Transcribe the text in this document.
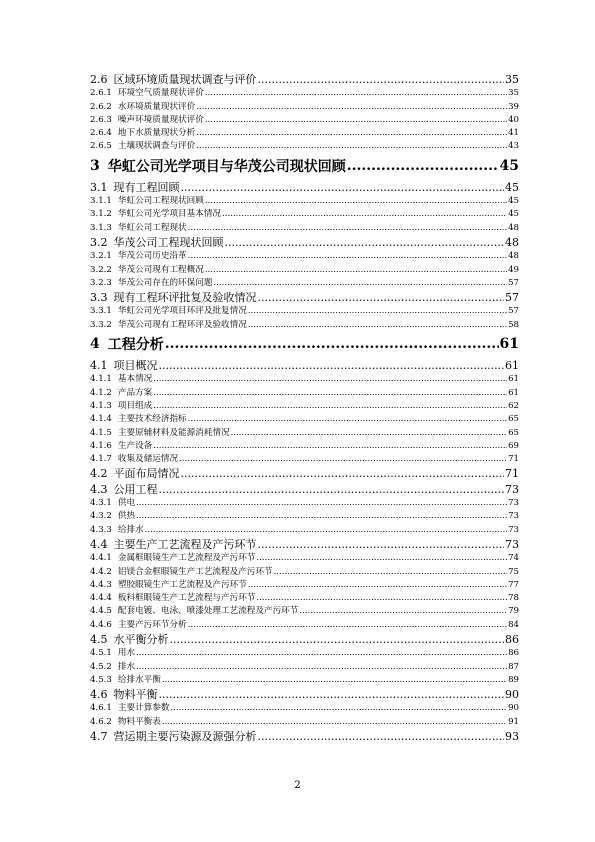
2.6 区域环境质量现状调查与评价 .....	35
2.6.1 环境空气质量现状评价 .....	35
2.6.2 水环境质量现状评价 .....	39
2.6.3 噪声环境质量现状评价 .....	40
2.6.4 地下水质量现状分析 .....	41
2.6.5 土壤现状调查与评价 .....	43
3 华虹公司光学项目与华茂公司现状回顾 .....	45
3.1 现有工程回顾 .....	45
3.1.1 华虹公司工程现状回顾 .....	45
3.1.2 华虹公司光学项目基本情况 .....	45
3.1.3 华虹公司工程现状 .....	48
3.2 华茂公司工程现状回顾 .....	48
3.2.1 华茂公司历史沿革 .....	48
3.2.2 华茂公司现有工程概况 .....	49
3.2.3 华茂公司存在的环保问题 .....	57
3.3 现有工程环评批复及验收情况 .....	57
3.3.1 华虹公司光学项目环评及批复情况 .....	57
3.3.2 华茂公司现有工程环评及验收情况 .....	58
4 工程分析 .....	61
4.1 项目概况 .....	61
4.1.1 基本情况 .....	61
4.1.2 产品方案 .....	61
4.1.3 项目组成 .....	62
4.1.4 主要技术经济指标 .....	65
4.1.5 主要原辅材料及能源消耗情况 .....	65
4.1.6 生产设备 .....	69
4.1.7 收集及储运情况 .....	71
4.2 平面布局情况 .....	71
4.3 公用工程 .....	73
4.3.1 供电 .....	73
4.3.2 供热 .....	73
4.3.3 给排水 .....	73
4.4 主要生产工艺流程及产污环节 .....	73
4.4.1 金属框眼镜生产工艺流程及产污环节 .....	74
4.4.2 铝镁合金框眼镜生产工艺流程及产污环节 .....	75
4.4.3 塑胶眼镜生产工艺流程及产污环节 .....	77
4.4.4 板料框眼镜生产工艺流程与产污环节 .....	78
4.4.5 配套电镀、电泳、喷漆处理工艺流程及产污环节 .....	79
4.4.6 主要产污环节分析 .....	84
4.5 水平衡分析 .....	86
4.5.1 用水 .....	86
4.5.2 排水 .....	87
4.5.3 给排水平衡 .....	89
4.6 物料平衡 .....	90
4.6.1 主要计算参数 .....	90
4.6.2 物料平衡表 .....	91
4.7 营运期主要污染源及源强分析 .....	93
2
